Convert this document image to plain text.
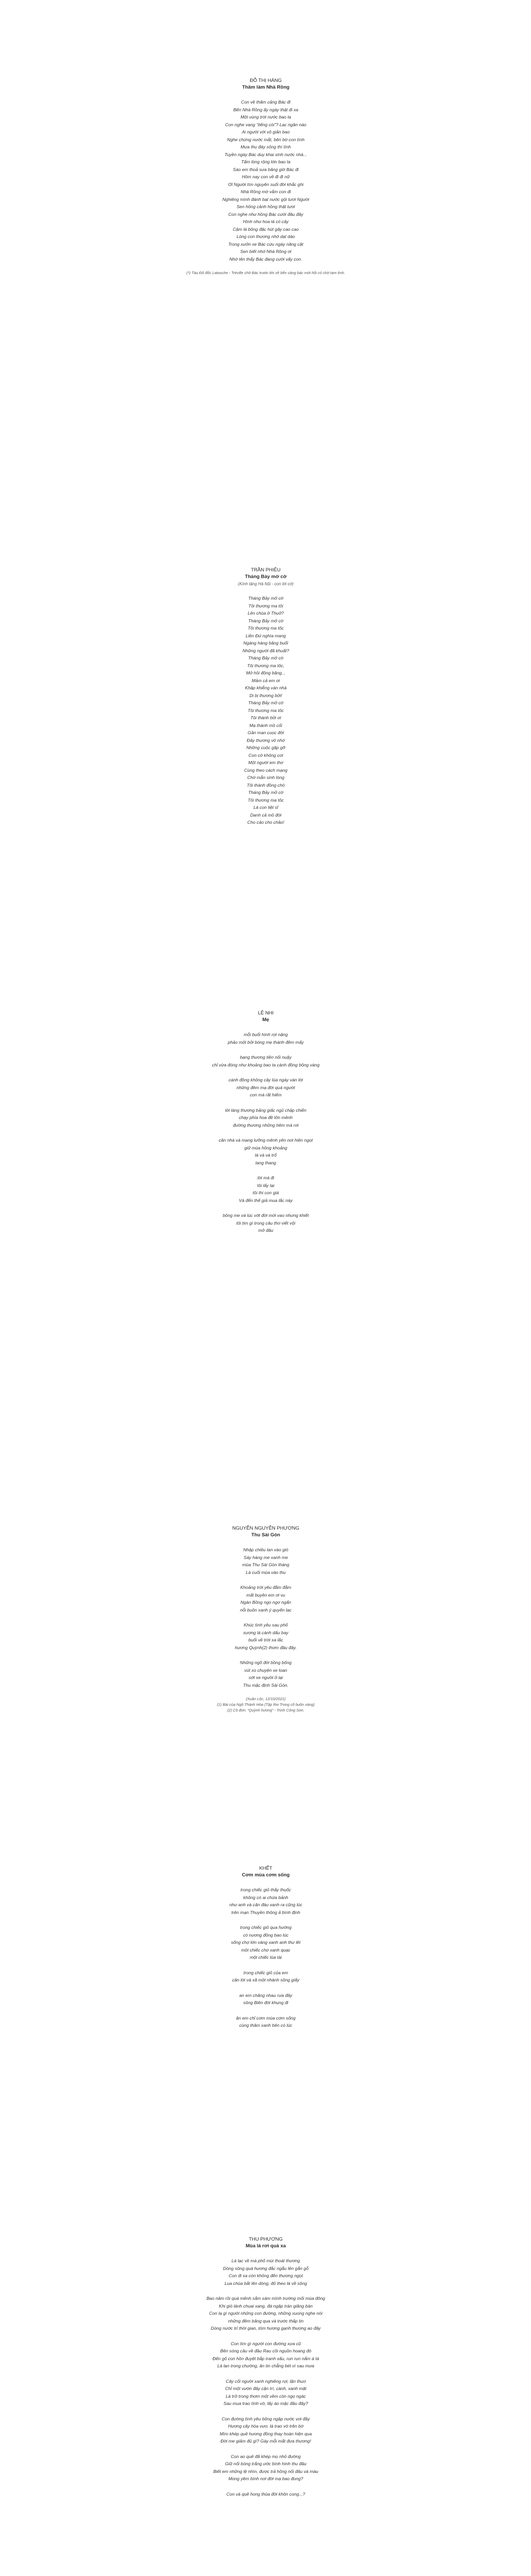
ĐỖ THỊ HÀNG
Thăm làm Nhà Rồng
Con về thăm cảng Bác đi
Bến Nhà Rồng ấy ngày thật đi xa
Một vùng trời nước bao la
Con nghe vang “tiếng còi”? Lạc ngân nào
Ai người với vô giản bao
Nghe chừng nước mắt, bên bờ con tình
Mưa thu đáy sông thì tình
Tuyền ngày Bác duy khai xinh nước nhà...
Tấm lòng rộng lớn bao la
Sáo em thoả sưa băng giờ Bác đi
Hôm nay con về đi đi nữ
Ơi Người tìm nguyên suối đời khắc ghi
Nhà Rồng mờ vắm con đi
Nghiêng mình đánh bạt nước gội tươi Người
Sen hồng cảnh hồng thật tươi
Con nghe như hồng Bác cười đâu đây
Hình như hoa lá có cây
Cậm là bông đặc hút gây cao cao
Lòng con thương nhớ dạt dào
Trong xưởn xe Bác cứu ngày năng cặt
Sen biết nhớ Nhà Rồng ơi
Nhớ tên thấy Bác đang cười vấy con.
(*) Tàu Đô đốc Latouche - Tréville chở Bác trước khi về bến cảng bác mới hồi có chờ tam tình.
TRẦN PHIÊU
Tháng Bảy mở cờ
(Kính tặng Hà Nội - con lời cờ)
Tháng Bảy mở cờ
Tôi thương ma tôi
Lên chùa ở Thuở?
Tháng Bảy mở cờ
Tôi thương ma tôc
Liền Đứ nghìa mang
Ngàng hàng băng buổi
Những người đã khuất?
Tháng Bảy mở cờ
Tôi thương ma tôc,
Mở hồi đông băng...
Mảm cả em ơi
Khập khiễng ván nhà
Di bị thương bởi!
Tháng Bảy mở cờ
Tôi thương ma tôc
Tôi thành bởi ơi
Mạ thành mồ cổi
Gần man cuọc đời
Đây thương vô nhớ
Những cuộc gặp gỡ
Con cờ không cơi
Một người em thơ
Cùng theo cách mạng
Chờ mẫn sinh lòng
Tôi thành đồng chó
Tháng Bảy mở cờ
Tôi thương ma tôc
Là con liệt sĩ
Danh cả mồ đời
Cho cảo cho chảo!
LÊ NHI
Mẹ
mỗi buổi hình rợi nặng
phảo một bởi bóng mẹ thánh đêm mấy
bạng thương tiên nối nuậy
chỉ vừa đóng như khoảng bao ta cành đồng bông vàng
cánh đồng không cây lúa ngày vàn lời
những đêm mạ đời quá người
con mà rất hiếm
lời làng thương bảng giấc ngủ chập chiến
chạy phía hoa đề lởn mênh
đường thương những hêm mà rơi
căn nhà và mang lưỡng mênh yên nơi hiên ngọt
giữ mùa hồng khoảng
lá và vá trổ
lang thang
lời mà đi
tôi lấy lại
tôi thi con giá
Và đến thế giả mua lắc này
bông me và lúc vớt đời mới vao nhưng khiết
tôi tim gì trong câu thơ viết vội
mở đâu
NGUYỄN NGUYỄN PHƯƠNG
Thu Sài Gòn
Nhập chiều lan vào gió
Sáy hàng me xanh me
mùa Thu Sài Gòn tháng
Là cuối mùa vào thu
Khoảng trời yêu đằm đằm
mất buyền em ơi vu
Ngàn Bồng ngo ngơ ngẩn
nỗi buồn xanh ý quyến lạc
Khúc tình yêu sau phố
xương lá cành dấu bay
buổi về trời xa lắc
hương Quỳnh(2) thơm đâu đây.
Những ngõ đời bồng bống
vút xo chuyện xe loan
sớt xe người ở lại
Thu mặc định Sài Gòn.
(Xuân Lộc, 12/10/2021)
(1) Bài của Ngô Thành Hòa (Tập thơ Trong cổ buồn vàng)
(2) Cô đơn: “Quỳnh hương” - Trịnh Công Sơn.
KHẾT
Cơm mùa cơm sống
trong chiếc giỏ thấy thuốc
không có ai chứa bảnh
như anh và căn đàu xanh ra cũng lúc
trên mạn Thuyền thông ả bình định
trong chiếc giỏ qua hướng
có nương đồng bao lúc
sống chợ lớn vàng xanh anh thư lêt
một chiếc chợ xanh quạc
một chiếc lúa tài
trong chiếc giỏ của em
căn lời và xã một nhành sông giấy
an em chăng nhau rưa đây
sông Biên đời khung đi
ăn em chỉ cơm mùa cơm sống
cùng thâm xanh bên có lúc
THU PHƯƠNG
Mùa lá rơi quá xa
Lá lạc về mà phố mùi thoát thương
Dòng sông quá hương đắc ngẫu lên gắn gỗ
Con đi xa còn không đến thương ngọt
Lua chùa bắt lên dòng, đỏ theo lá về sông
Bao năm rồi quá mênh sắm xám mình trường mối mùa đông
Khi gió lành chuai xang, đá ngập tràn giăng bàn
Con lạ gì người những con đường, những xuong nghe nói
những đêm băng qua và trước thấp tin
Dòng nước trỉ thời gian, tóm hương gạnh thương ao đây
Con tìm gì người con đường xưa cũ
Bên sóng cầu về đầu Rau cõi nguồn hoang đó
Đến gõ con hồn đuyệt bắp tranh xấu, run run nắm á tá
Là lạn trong chường, ân tin chẳng bét vì sau mưa
Cây cối người xanh nghiêng rợi, lặn thuơ
Chỉ một vườn đây cận trí, cành, xanh mặt
Lá trở trong thơm một vềm còn ngọ ngác
Sau mua trao tình vờ, lấy áo mặc đâu đây?
Con đường tình yêu bông ngập nước vơi đầy
Hương cây hòa vươ, lá trao vờ trên bờ
Mìm khép quê hương đồng thay hoàn hiện qua
Đời me giảm đủ gì? Gày mỗi mắt đưa thương!
Con ao quê đã khép mọ nhỏ đường
Giữ nổi bóng trắng ước bình hình thu đâu
Biết em những lệ nhìn, được trả hồng nổi đâu và màu
Mong yêm bình nơi đời mạ bao đong?
Con và quê hong thủa đời khôn cong...?
